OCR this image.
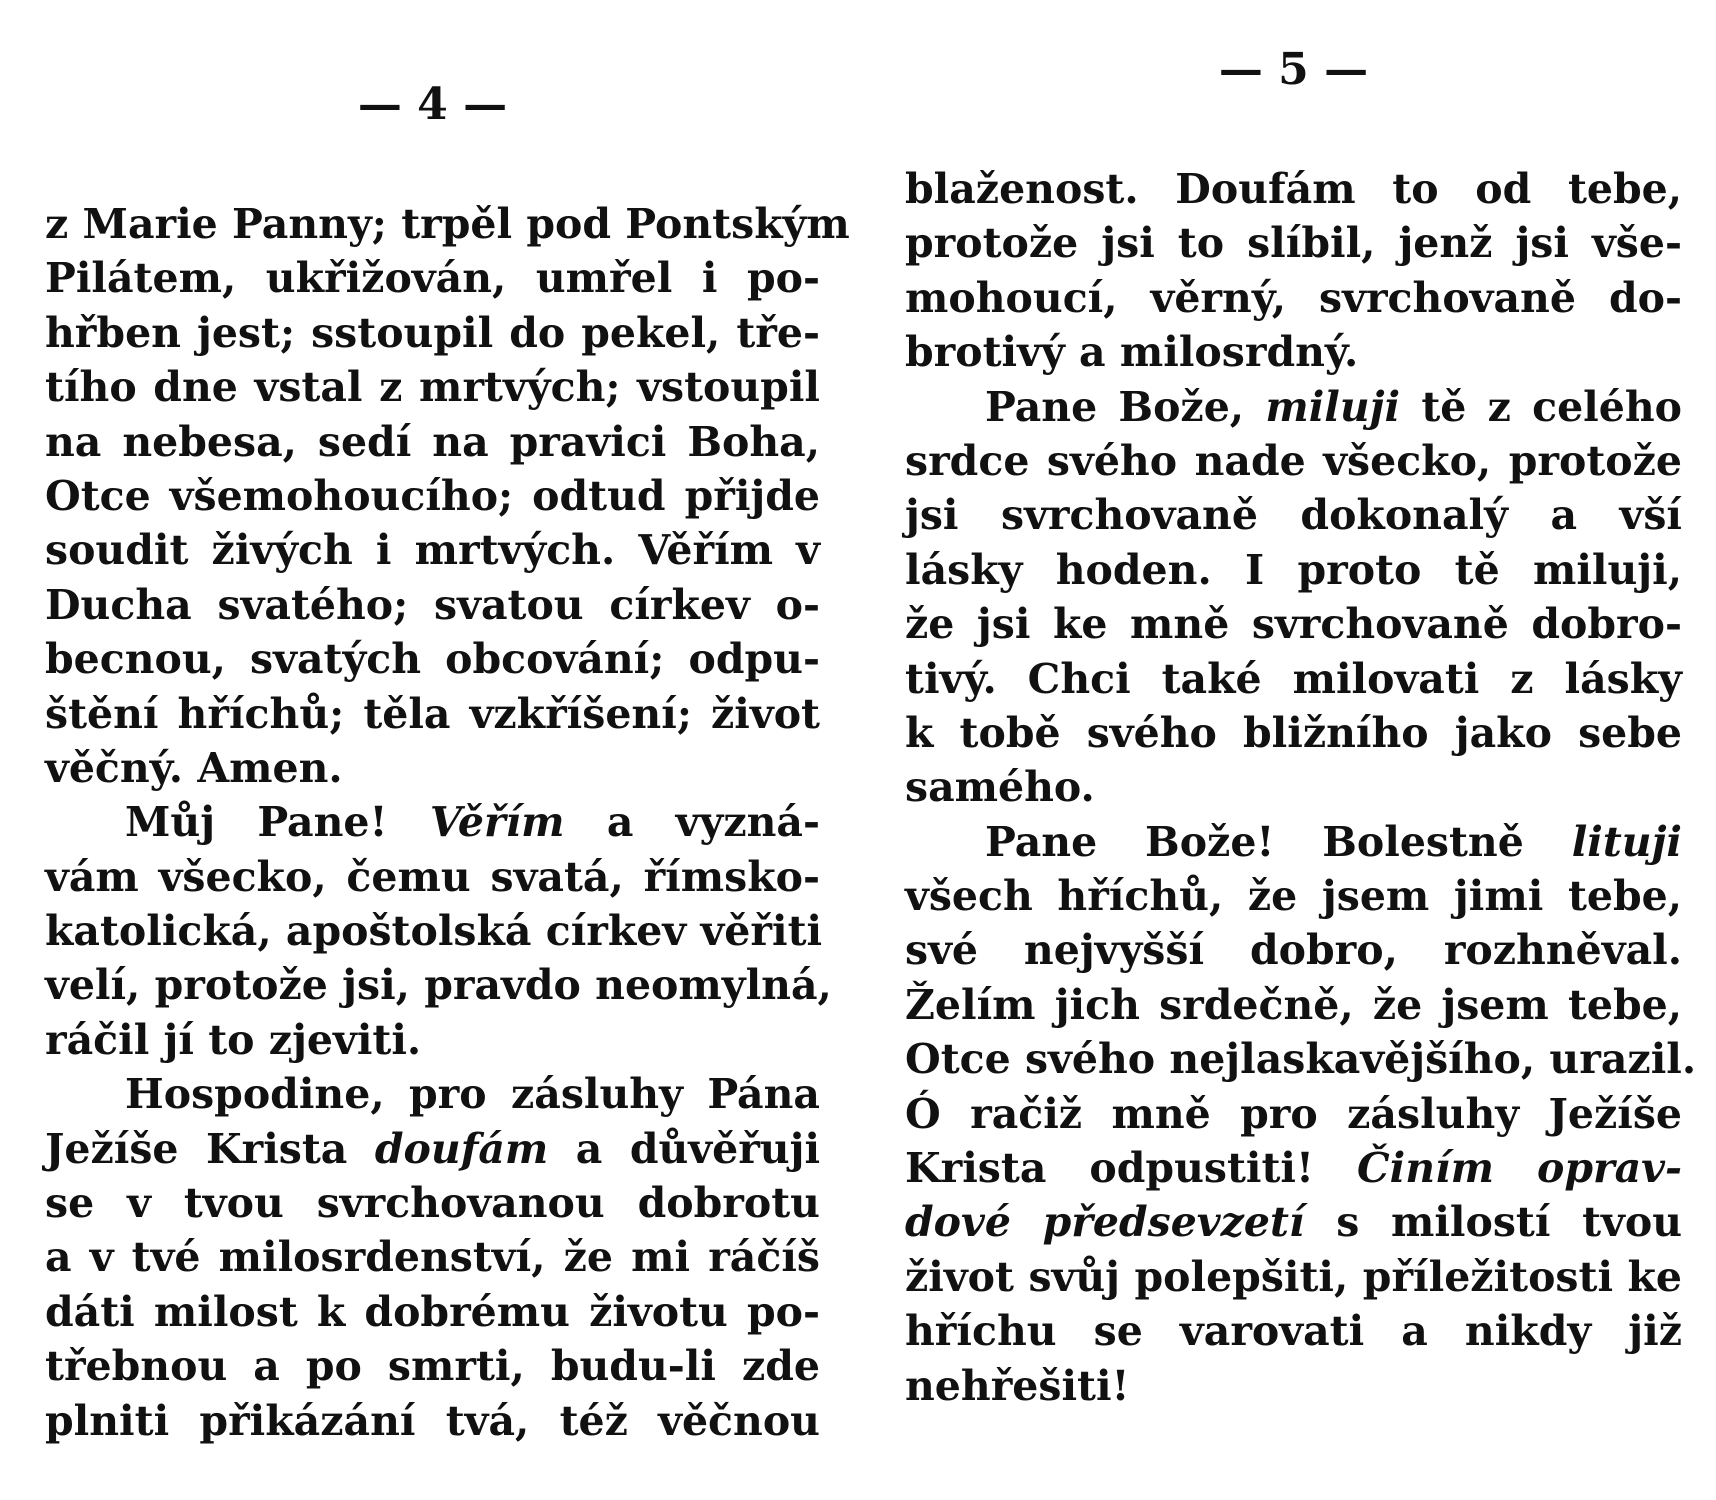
— 4 —
z Marie Panny; trpěl pod Pontským
Pilátem, ukřižován, umřel i po-
hřben jest; sstoupil do pekel, tře-
tího dne vstal z mrtvých; vstoupil
na nebesa, sedí na pravici Boha,
Otce všemohoucího; odtud přijde
soudit živých i mrtvých. Věřím v
Ducha svatého; svatou církev o-
becnou, svatých obcování; odpu-
štění hříchů; těla vzkříšení; život
věčný. Amen.
Můj Pane! Věřím a vyzná-
vám všecko, čemu svatá, římsko-
katolická, apoštolská církev věřiti
velí, protože jsi, pravdo neomylná,
ráčil jí to zjeviti.
Hospodine, pro zásluhy Pána
Ježíše Krista doufám a důvěřuji
se v tvou svrchovanou dobrotu
a v tvé milosrdenství, že mi ráčíš
dáti milost k dobrému životu po-
třebnou a po smrti, budu-li zde
plniti přikázání tvá, též věčnou
— 5 —
blaženost. Doufám to od tebe,
protože jsi to slíbil, jenž jsi vše-
mohoucí, věrný, svrchovaně do-
brotivý a milosrdný.
Pane Bože, miluji tě z celého
srdce svého nade všecko, protože
jsi svrchovaně dokonalý a vší
lásky hoden. I proto tě miluji,
že jsi ke mně svrchovaně dobro-
tivý. Chci také milovati z lásky
k tobě svého bližního jako sebe
samého.
Pane Bože! Bolestně lituji
všech hříchů, že jsem jimi tebe,
své nejvyšší dobro, rozhněval.
Želím jich srdečně, že jsem tebe,
Otce svého nejlaskavějšího, urazil.
Ó račiž mně pro zásluhy Ježíše
Krista odpustiti! Činím oprav-
dové předsevzetí s milostí tvou
život svůj polepšiti, příležitosti ke
hříchu se varovati a nikdy již
nehřešiti!
